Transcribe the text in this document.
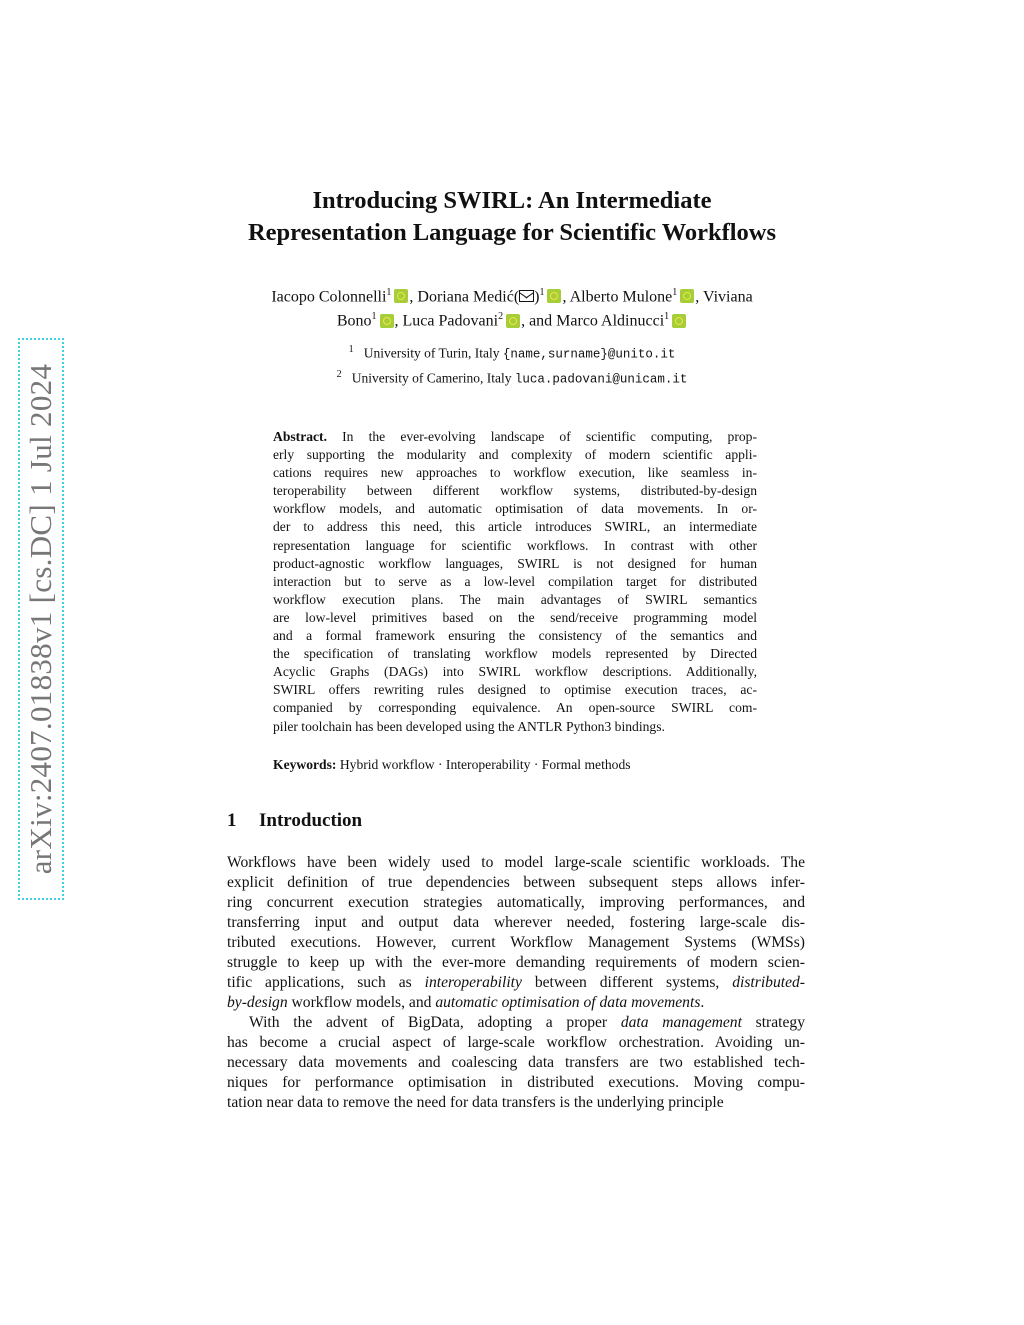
arXiv:2407.01838v1 [cs.DC] 1 Jul 2024
Introducing SWIRL: An Intermediate
Representation Language for Scientific Workflows
Iacopo Colonnelli$^1$ , Doriana Medić( )$^1$ , Alberto Mulone$^1$ , Viviana
Bono$^1$ , Luca Padovani$^2$ , and Marco Aldinucci$^1$
$^1$ University of Turin, Italy {name,surname}@unito.it
$^2$ University of Camerino, Italy luca.padovani@unicam.it
Abstract. In the ever-evolving landscape of scientific computing, prop-
erly supporting the modularity and complexity of modern scientific appli-
cations requires new approaches to workflow execution, like seamless in-
teroperability between different workflow systems, distributed-by-design
workflow models, and automatic optimisation of data movements. In or-
der to address this need, this article introduces SWIRL, an intermediate
representation language for scientific workflows. In contrast with other
product-agnostic workflow languages, SWIRL is not designed for human
interaction but to serve as a low-level compilation target for distributed
workflow execution plans. The main advantages of SWIRL semantics
are low-level primitives based on the send/receive programming model
and a formal framework ensuring the consistency of the semantics and
the specification of translating workflow models represented by Directed
Acyclic Graphs (DAGs) into SWIRL workflow descriptions. Additionally,
SWIRL offers rewriting rules designed to optimise execution traces, ac-
companied by corresponding equivalence. An open-source SWIRL com-
piler toolchain has been developed using the ANTLR Python3 bindings.
Keywords: Hybrid workflow · Interoperability · Formal methods
1 Introduction
Workflows have been widely used to model large-scale scientific workloads. The
explicit definition of true dependencies between subsequent steps allows infer-
ring concurrent execution strategies automatically, improving performances, and
transferring input and output data wherever needed, fostering large-scale dis-
tributed executions. However, current Workflow Management Systems (WMSs)
struggle to keep up with the ever-more demanding requirements of modern scien-
tific applications, such as interoperability between different systems, distributed-
by-design workflow models, and automatic optimisation of data movements.
With the advent of BigData, adopting a proper data management strategy
has become a crucial aspect of large-scale workflow orchestration. Avoiding un-
necessary data movements and coalescing data transfers are two established tech-
niques for performance optimisation in distributed executions. Moving compu-
tation near data to remove the need for data transfers is the underlying principle
